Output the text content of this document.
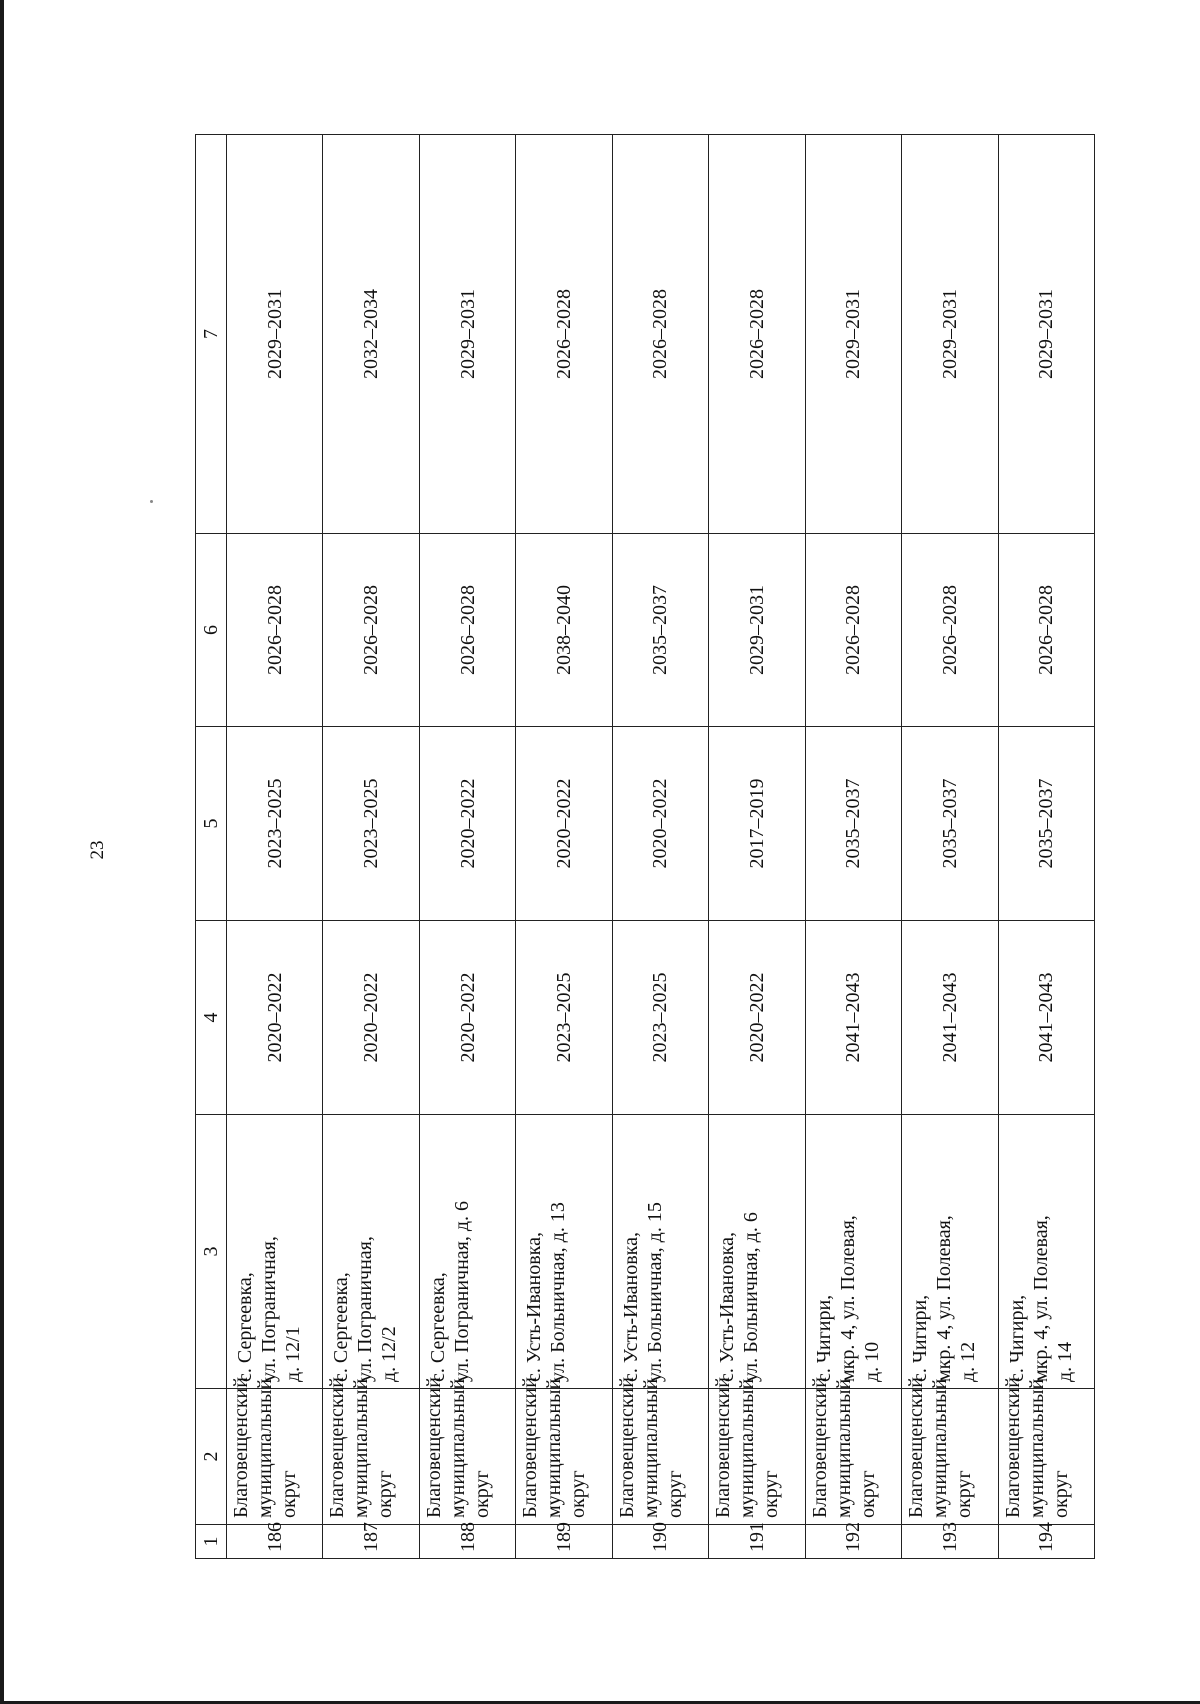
23
1	2	3	4	5	6	7
186	Благовещенский муниципальный округ	с. Сергеевка, ул. Пограничная, д. 12/1	2020–2022	2023–2025	2026–2028	2029–2031
187	Благовещенский муниципальный округ	с. Сергеевка, ул. Пограничная, д. 12/2	2020–2022	2023–2025	2026–2028	2032–2034
188	Благовещенский муниципальный округ	с. Сергеевка, ул. Пограничная, д. 6	2020–2022	2020–2022	2026–2028	2029–2031
189	Благовещенский муниципальный округ	с. Усть-Ивановка, ул. Больничная, д. 13	2023–2025	2020–2022	2038–2040	2026–2028
190	Благовещенский муниципальный округ	с. Усть-Ивановка, ул. Больничная, д. 15	2023–2025	2020–2022	2035–2037	2026–2028
191	Благовещенский муниципальный округ	с. Усть-Ивановка, ул. Больничная, д. 6	2020–2022	2017–2019	2029–2031	2026–2028
192	Благовещенский муниципальный округ	с. Чигири, мкр. 4, ул. Полевая, д. 10	2041–2043	2035–2037	2026–2028	2029–2031
193	Благовещенский муниципальный округ	с. Чигири, мкр. 4, ул. Полевая, д. 12	2041–2043	2035–2037	2026–2028	2029–2031
194	Благовещенский муниципальный округ	с. Чигири, мкр. 4, ул. Полевая, д. 14	2041–2043	2035–2037	2026–2028	2029–2031
